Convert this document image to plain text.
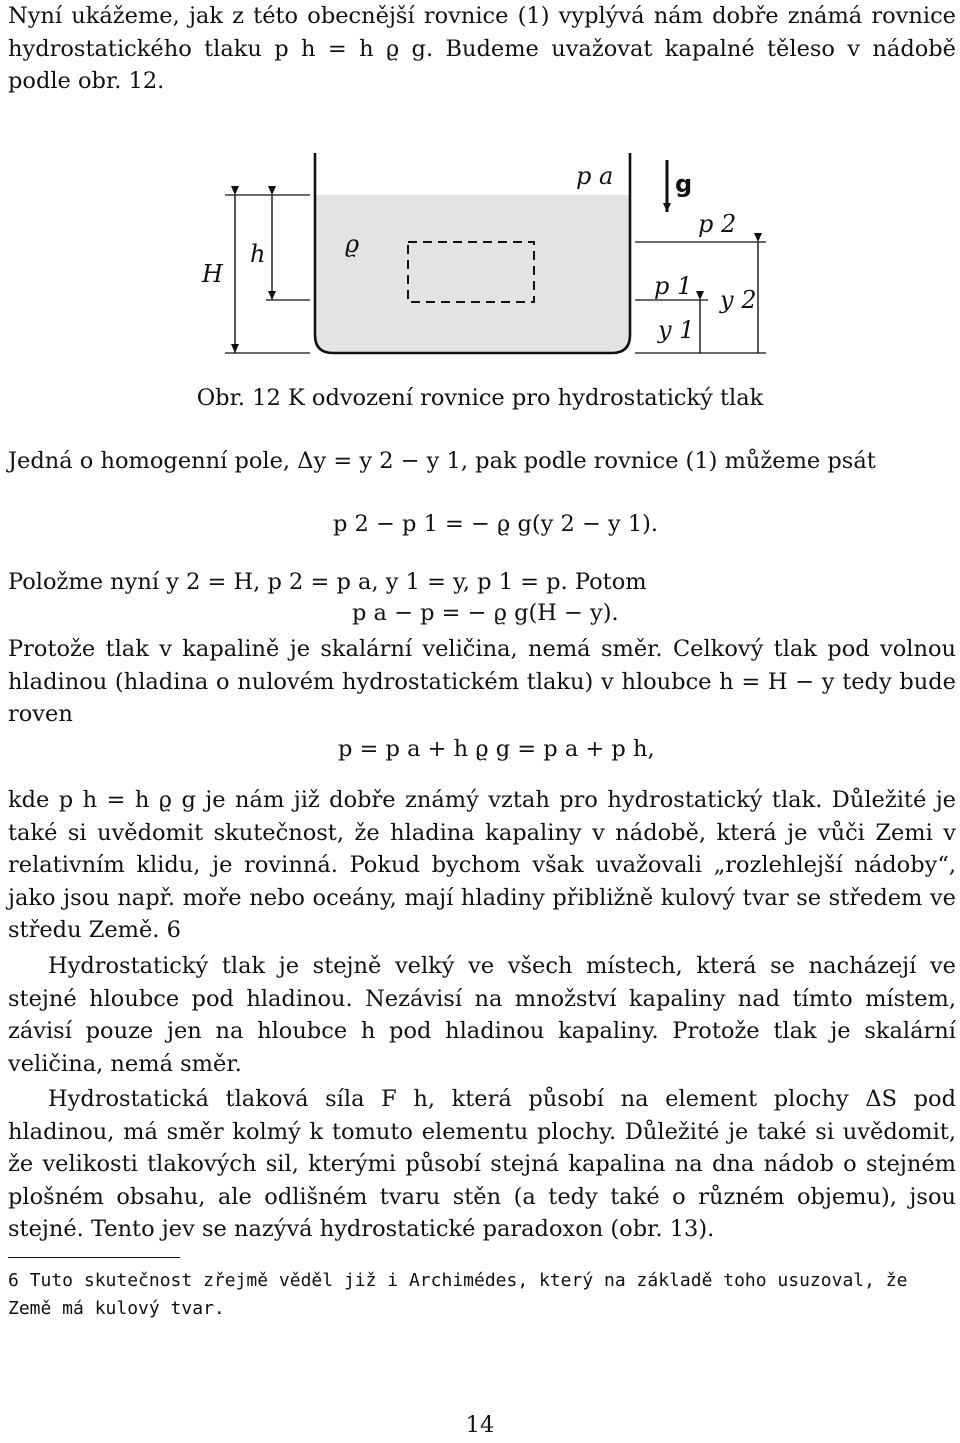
Nyní ukážeme, jak z této obecnější rovnice (1) vyplývá nám dobře známá rovnice hydrostatického tlaku p h = h ϱ g. Budeme uvažovat kapalné těleso v nádobě podle obr. 12.

H
h	ϱ
p a	g
p 2
p 1
y 1
y 2
Obr. 12 K odvození rovnice pro hydrostatický tlak

Jedná o homogenní pole, Δy = y 2 − y 1, pak podle rovnice (1) můžeme psát

p 2 − p 1 = − ϱ g(y 2 − y 1).

Položme nyní y 2 = H, p 2 = p a, y 1 = y, p 1 = p. Potom

p a − p = − ϱ g(H − y).

Protože tlak v kapalině je skalární veličina, nemá směr. Celkový tlak pod volnou hladinou (hladina o nulovém hydrostatickém tlaku) v hloubce h = H − y tedy bude roven

p = p a + h ϱ g = p a + p h,

kde p h = h ϱ g je nám již dobře známý vztah pro hydrostatický tlak. Důležité je také si uvědomit skutečnost, že hladina kapaliny v nádobě, která je vůči Zemi v relativním klidu, je rovinná. Pokud bychom však uvažovali „rozlehlejší nádoby“, jako jsou např. moře nebo oceány, mají hladiny přibližně kulový tvar se středem ve středu Země. 6

Hydrostatický tlak je stejně velký ve všech místech, která se nacházejí ve stejné hloubce pod hladinou. Nezávisí na množství kapaliny nad tímto místem, závisí pouze jen na hloubce h pod hladinou kapaliny. Protože tlak je skalární veličina, nemá směr.

Hydrostatická tlaková síla F h, která působí na element plochy ΔS pod hladinou, má směr kolmý k tomuto elementu plochy. Důležité je také si uvědomit, že velikosti tlakových sil, kterými působí stejná kapalina na dna nádob o stejném plošném obsahu, ale odlišném tvaru stěn (a tedy také o různém objemu), jsou stejné. Tento jev se nazývá hydrostatické paradoxon (obr. 13).

6 Tuto skutečnost zřejmě věděl již i Archimédes, který na základě toho usuzoval, že Země má kulový tvar.

14
